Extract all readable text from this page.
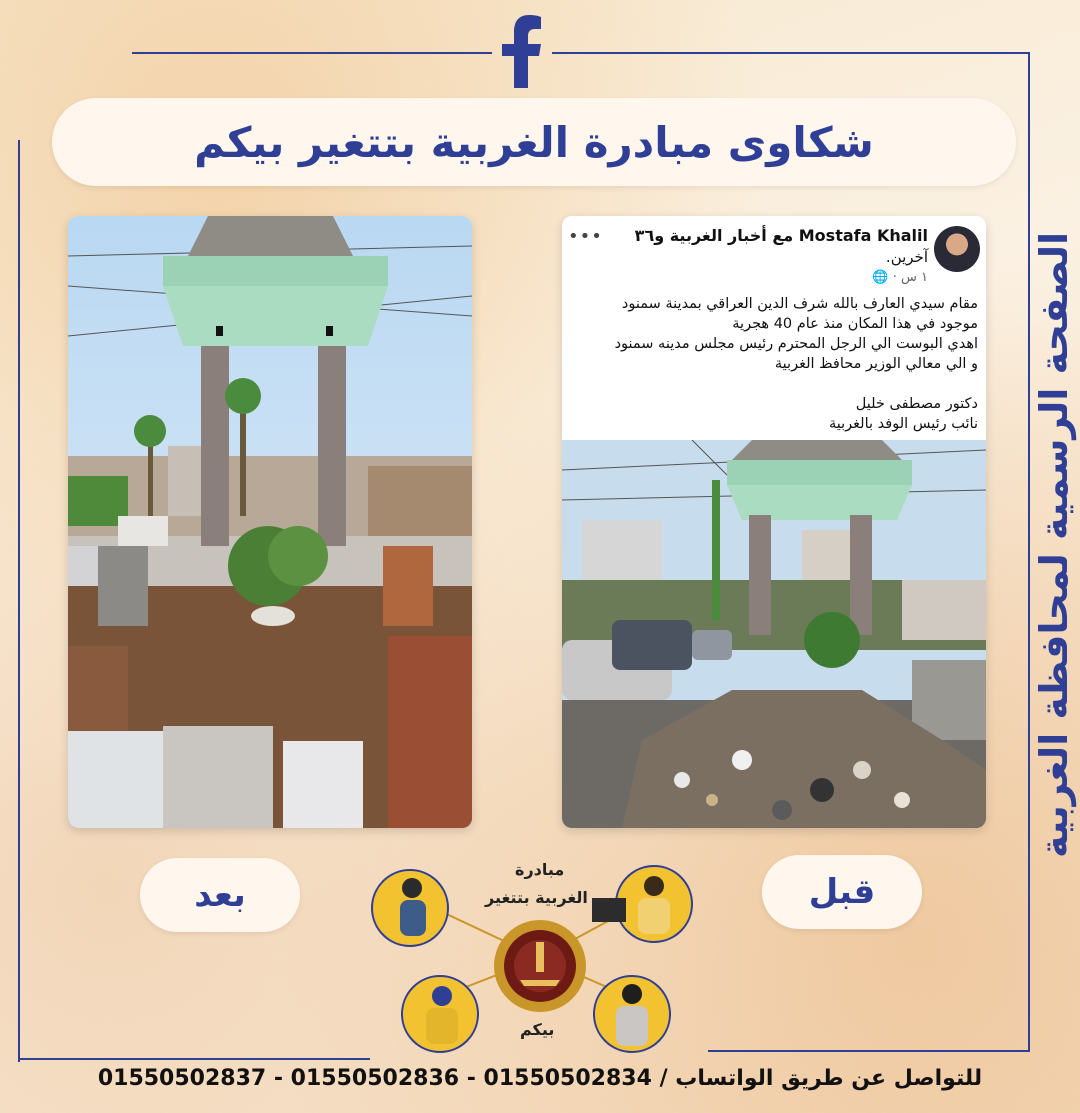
شكاوى مبادرة الغربية بتتغير بيكم
الصفحة الرسمية لمحافظة الغربية
Mostafa Khalil مع أخبار الغربية و٣٦
آخرين.
١ س · 🌐
•••
مقام سيدي العارف بالله شرف الدين العراقي بمدينة سمنود
موجود في هذا المكان منذ عام 40 هجرية
اهدي البوست الي الرجل المحترم رئيس مجلس مدينه سمنود
و الي معالي الوزير محافظ الغربية
دكتور مصطفى خليل
نائب رئيس الوفد بالغربية
بعد	قبل
مبادرة
الغربية بتتغير
بيكم
للتواصل عن طريق الواتساب / 01550502834 - 01550502836 - 01550502837
